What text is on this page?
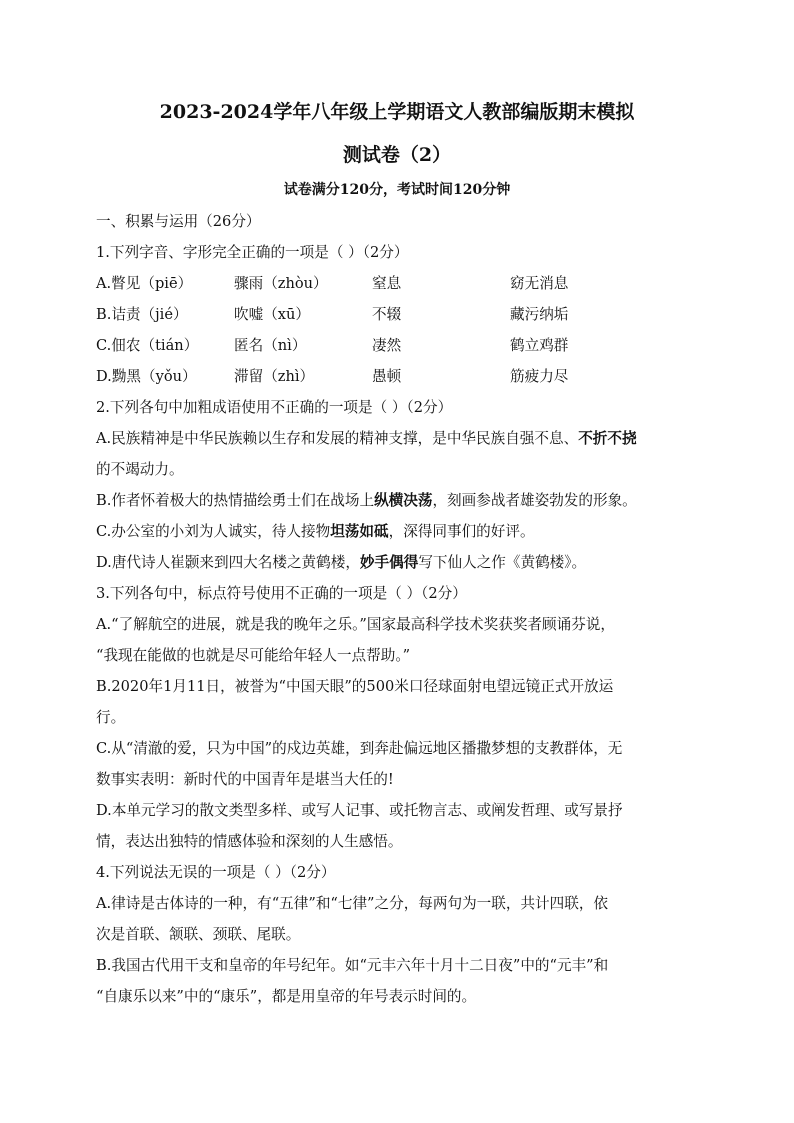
2023-2024学年八年级上学期语文人教部编版期末模拟
测试卷（2）
试卷满分120分，考试时间120分钟
一、积累与运用（26分）
1.下列字音、字形完全正确的一项是（ ）（2分）
A.瞥见（piē）	骤雨（zhòu）	窒息	窈无消息
B.诘责（jié）	吹嘘（xū）	不辍	藏污纳垢
C.佃农（tián） 匿名（nì）	凄然	鹤立鸡群
D.黝黑（yǒu）	滞留（zhì）	愚顿	筋疲力尽
2.下列各句中加粗成语使用不正确的一项是（ ）（2分）
A.民族精神是中华民族赖以生存和发展的精神支撑，是中华民族自强不息、不折不挠
的不竭动力。
B.作者怀着极大的热情描绘勇士们在战场上纵横决荡，刻画参战者雄姿勃发的形象。
C.办公室的小刘为人诚实，待人接物坦荡如砥，深得同事们的好评。
D.唐代诗人崔颢来到四大名楼之黄鹤楼，妙手偶得写下仙人之作《黄鹤楼》。
3.下列各句中，标点符号使用不正确的一项是（ ）（2分）
A.“了解航空的进展，就是我的晚年之乐。”国家最高科学技术奖获奖者顾诵芬说，
“我现在能做的也就是尽可能给年轻人一点帮助。”
B.2020年1月11日，被誉为“中国天眼”的500米口径球面射电望远镜正式开放运
行。
C.从“清澈的爱，只为中国”的戍边英雄，到奔赴偏远地区播撒梦想的支教群体，无
数事实表明：新时代的中国青年是堪当大任的!
D.本单元学习的散文类型多样、或写人记事、或托物言志、或阐发哲理、或写景抒
情，表达出独特的情感体验和深刻的人生感悟。
4.下列说法无误的一项是（ ）（2分）
A.律诗是古体诗的一种，有“五律”和“七律”之分，每两句为一联，共计四联，依
次是首联、颔联、颈联、尾联。
B.我国古代用干支和皇帝的年号纪年。如“元丰六年十月十二日夜”中的“元丰”和
“自康乐以来”中的“康乐”，都是用皇帝的年号表示时间的。
